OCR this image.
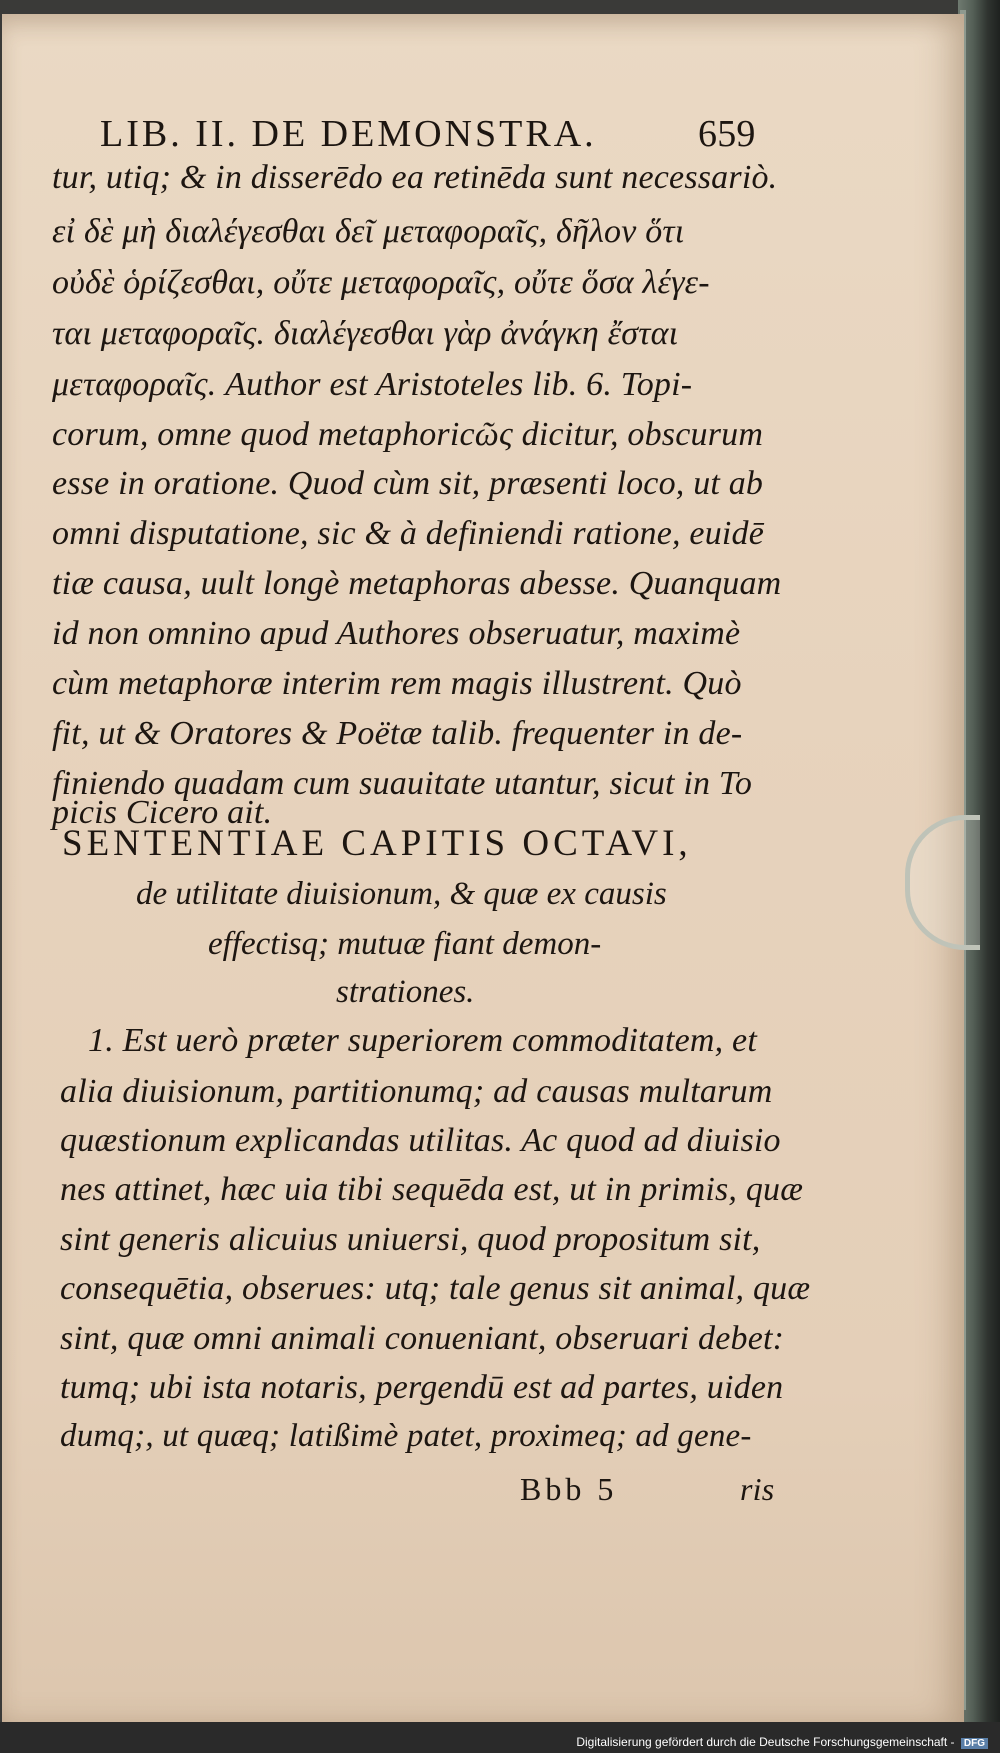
LIB. II. DE DEMONSTRA.	659
tur, utiq; & in disserēdo ea retinēda sunt necessariò.
εἰ δὲ μὴ διαλέγεσθαι δεῖ μεταφοραῖς, δῆλον ὅτι
οὐδὲ ὁρίζεσθαι, οὔτε μεταφοραῖς, οὔτε ὅσα λέγε-
ται μεταφοραῖς. διαλέγεσθαι γὰρ ἀνάγκη ἔσται
μεταφοραῖς. Author est Aristoteles lib. 6. Topi-
corum, omne quod metaphoricῶς dicitur, obscurum
esse in oratione. Quod cùm sit, præsenti loco, ut ab
omni disputatione, sic & à definiendi ratione, euidē
tiæ causa, uult longè metaphoras abesse. Quanquam
id non omnino apud Authores obseruatur, maximè
cùm metaphoræ interim rem magis illustrent. Quò
fit, ut & Oratores & Poëtæ talib. frequenter in de-
finiendo quadam cum suauitate utantur, sicut in To
picis Cicero ait.
SENTENTIAE CAPITIS OCTAVI,
de utilitate diuisionum, & quæ ex causis
effectisq; mutuæ fiant demon-
strationes.
1. Est uerò præter superiorem commoditatem, et
alia diuisionum, partitionumq; ad causas multarum
quæstionum explicandas utilitas. Ac quod ad diuisio
nes attinet, hæc uia tibi sequēda est, ut in primis, quæ
sint generis alicuius uniuersi, quod propositum sit,
consequētia, obserues: utq; tale genus sit animal, quæ
sint, quæ omni animali conueniant, obseruari debet:
tumq; ubi ista notaris, pergendū est ad partes, uiden
dumq;, ut quæq; latißimè patet, proximeq; ad gene-
Bbb 5	ris
Digitalisierung gefördert durch die Deutsche Forschungsgemeinschaft - DFG
